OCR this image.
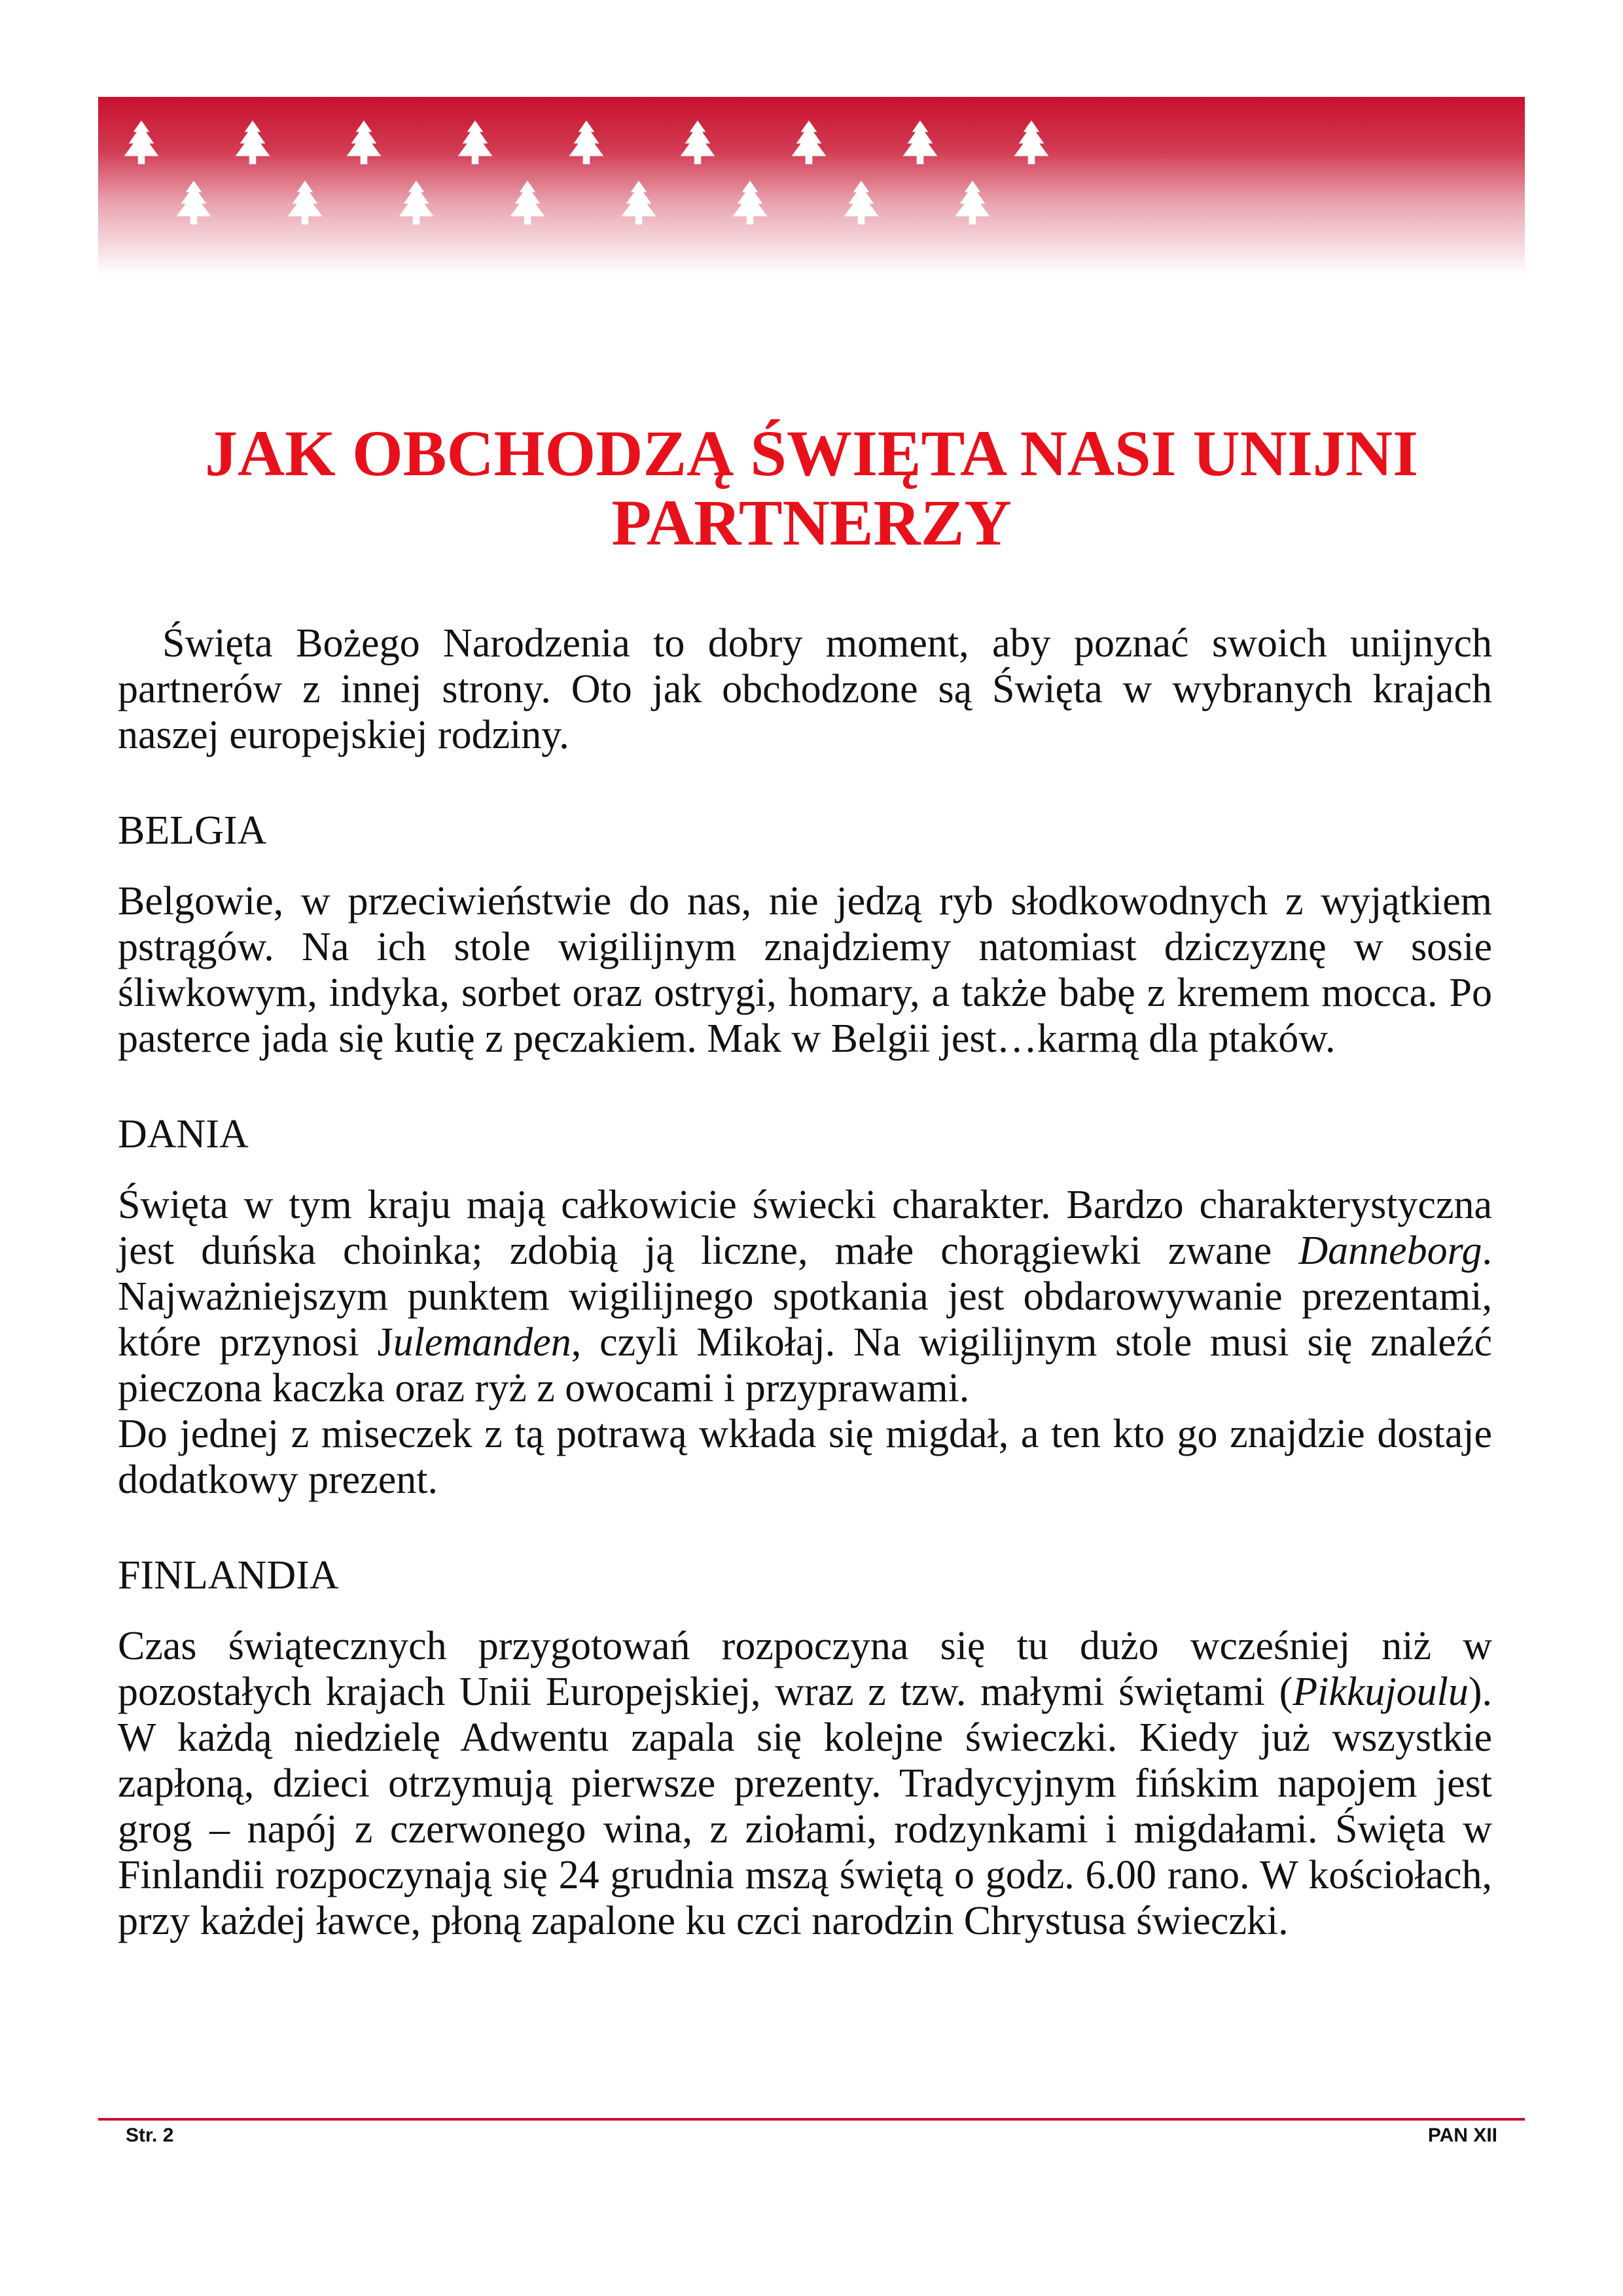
JAK OBCHODZĄ ŚWIĘTA NASI UNIJNI
PARTNERZY

Święta Bożego Narodzenia to dobry moment, aby poznać swoich unijnych partnerów z innej strony. Oto jak obchodzone są Święta w wybranych krajach naszej europejskiej rodziny.

BELGIA

Belgowie, w przeciwieństwie do nas, nie jedzą ryb słodkowodnych z wyjątkiem pstrągów. Na ich stole wigilijnym znajdziemy natomiast dziczyznę w sosie śliwkowym, indyka, sorbet oraz ostrygi, homary, a także babę z kremem mocca. Po pasterce jada się kutię z pęczakiem. Mak w Belgii jest…karmą dla ptaków.

DANIA

Święta w tym kraju mają całkowicie świecki charakter. Bardzo charakterystyczna jest duńska choinka; zdobią ją liczne, małe chorągiewki zwane Danneborg. Najważniejszym punktem wigilijnego spotkania jest obdarowywanie prezentami, które przynosi Julemanden, czyli Mikołaj. Na wigilijnym stole musi się znaleźć pieczona kaczka oraz ryż z owocami i przyprawami.

Do jednej z miseczek z tą potrawą wkłada się migdał, a ten kto go znajdzie dostaje dodatkowy prezent.

FINLANDIA

Czas świątecznych przygotowań rozpoczyna się tu dużo wcześniej niż w pozostałych krajach Unii Europejskiej, wraz z tzw. małymi świętami (Pikkujoulu). W każdą niedzielę Adwentu zapala się kolejne świeczki. Kiedy już wszystkie zapłoną, dzieci otrzymują pierwsze prezenty. Tradycyjnym fińskim napojem jest grog – napój z czerwonego wina, z ziołami, rodzynkami i migdałami. Święta w Finlandii rozpoczynają się 24 grudnia mszą świętą o godz. 6.00 rano. W kościołach, przy każdej ławce, płoną zapalone ku czci narodzin Chrystusa świeczki.

Str. 2	PAN XII
